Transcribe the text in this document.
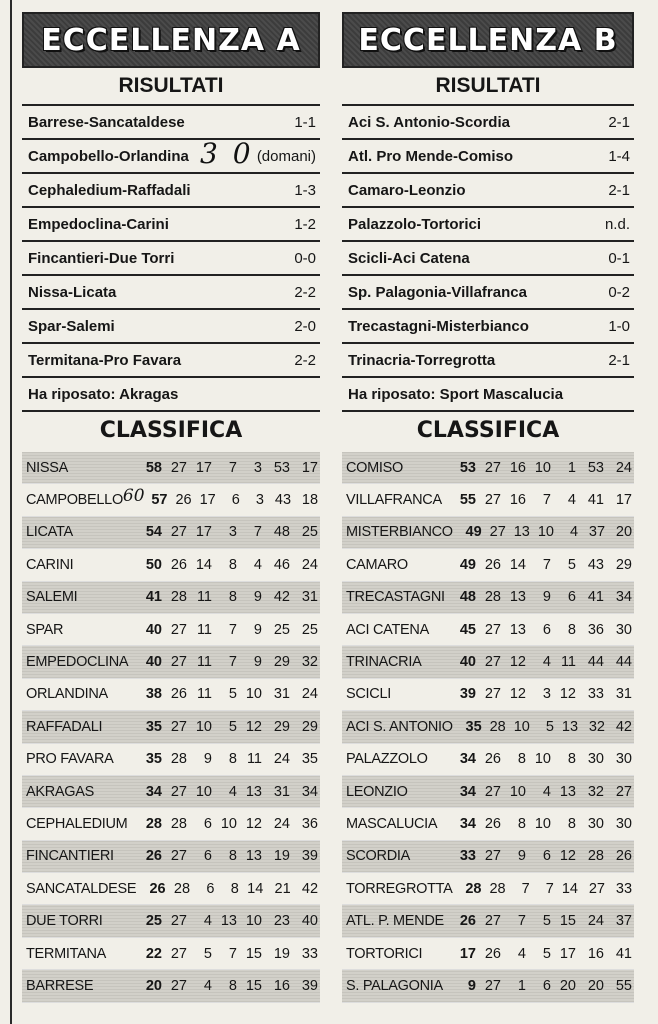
ECCELLENZA A
RISULTATI
Barrese-Sancataldese	1-1
Campobello-Orlandina 3 0 (domani)
Cephaledium-Raffadali	1-3
Empedoclina-Carini	1-2
Fincantieri-Due Torri	0-0
Nissa-Licata	2-2
Spar-Salemi	2-0
Termitana-Pro Favara	2-2
Ha riposato: Akragas
CLASSIFICA
NISSA	58 27 17	7	3 53 17
CAMPOBELLO 60 57 26 17	6	3 43 18
LICATA	54 27 17	3	7 48 25
CARINI	50 26 14	8	4 46 24
SALEMI	41 28 11	8	9 42 31
SPAR	40 27 11	7	9 25 25
EMPEDOCLINA	40 27 11	7	9 29 32
ORLANDINA	38 26 11	5 10 31 24
RAFFADALI	35 27 10	5 12 29 29
PRO FAVARA	35 28	9	8 11 24 35
AKRAGAS	34 27 10	4 13 31 34
CEPHALEDIUM	28 28	6 10 12 24 36
FINCANTIERI	26 27	6	8 13 19 39
SANCATALDESE 26 28	6	8 14 21 42
DUE TORRI	25 27	4 13 10 23 40
TERMITANA	22 27	5	7 15 19 33
BARRESE	20 27	4	8 15 16 39
ECCELLENZA B
RISULTATI
Aci S. Antonio-Scordia	2-1
Atl. Pro Mende-Comiso	1-4
Camaro-Leonzio	2-1
Palazzolo-Tortorici	n.d.
Scicli-Aci Catena	0-1
Sp. Palagonia-Villafranca	0-2
Trecastagni-Misterbianco	1-0
Trinacria-Torregrotta	2-1
Ha riposato: Sport Mascalucia
CLASSIFICA
COMISO	53 27 16 10	1 53 24
VILLAFRANCA	55 27 16	7	4 41 17
MISTERBIANCO 49 27 13 10	4 37 20
CAMARO	49 26 14	7	5 43 29
TRECASTAGNI	48 28 13	9	6 41 34
ACI CATENA	45 27 13	6	8 36 30
TRINACRIA	40 27 12	4 11 44 44
SCICLI	39 27 12	3 12 33 31
ACI S. ANTONIO 35 28 10	5 13 32 42
PALAZZOLO	34 26	8 10	8 30 30
LEONZIO	34 27 10	4 13 32 27
MASCALUCIA	34 26	8 10	8 30 30
SCORDIA	33 27	9	6 12 28 26
TORREGROTTA 28 28	7	7 14 27 33
ATL. P. MENDE	26 27	7	5 15 24 37
TORTORICI	17 26	4	5 17 16 41
S. PALAGONIA	9 27	1	6 20 20 55
